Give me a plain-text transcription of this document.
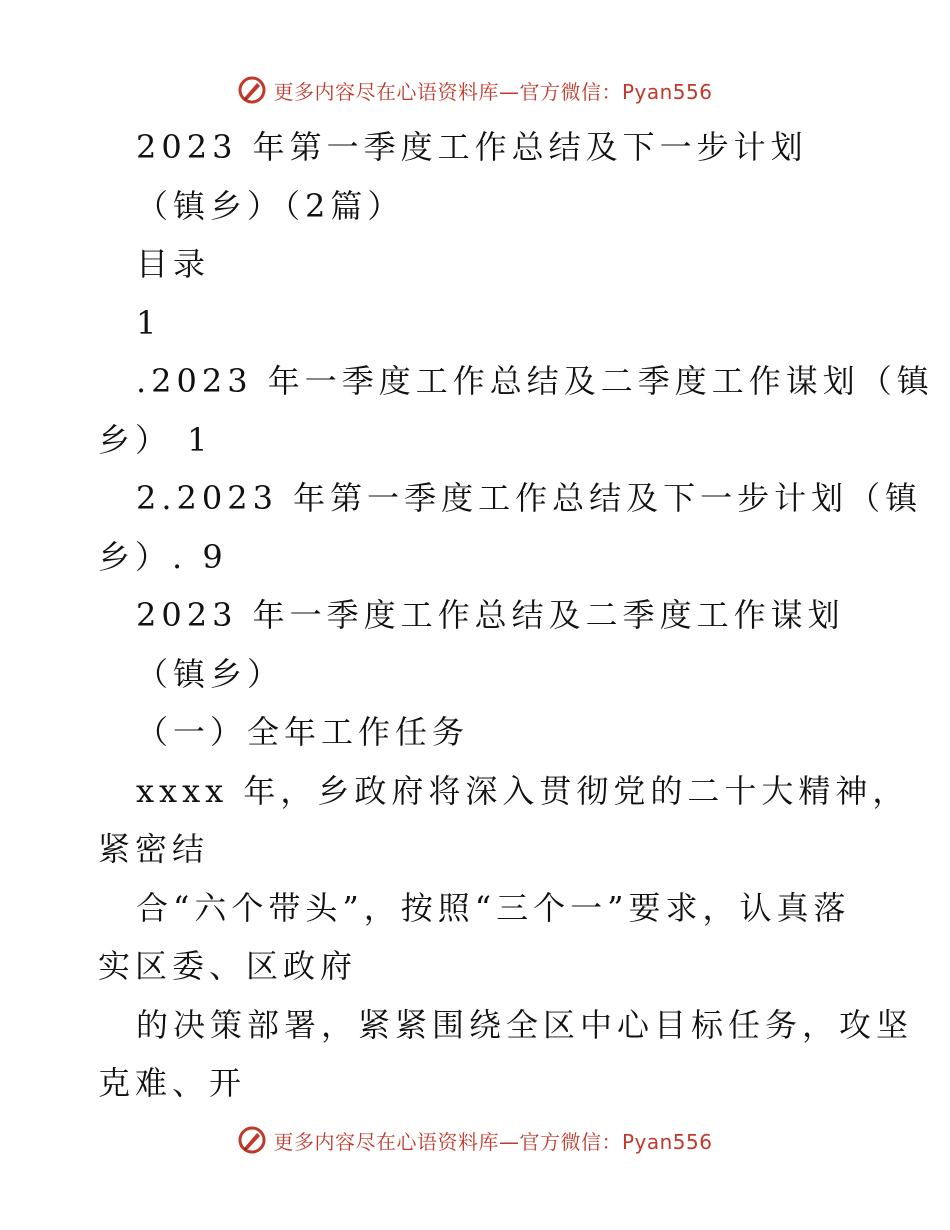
更多内容尽在心语资料库—官方微信：Pyan556
2023 年第一季度工作总结及下一步计划
（镇乡）（2篇）
目录
1
.2023 年一季度工作总结及二季度工作谋划（镇
乡） 1
2.2023 年第一季度工作总结及下一步计划（镇
乡）. 9
2023 年一季度工作总结及二季度工作谋划
（镇乡）
（一）全年工作任务
xxxx 年，乡政府将深入贯彻党的二十大精神，
紧密结
合“六个带头”，按照“三个一”要求，认真落
实区委、区政府
的决策部署，紧紧围绕全区中心目标任务，攻坚
克难、开
更多内容尽在心语资料库—官方微信：Pyan556
